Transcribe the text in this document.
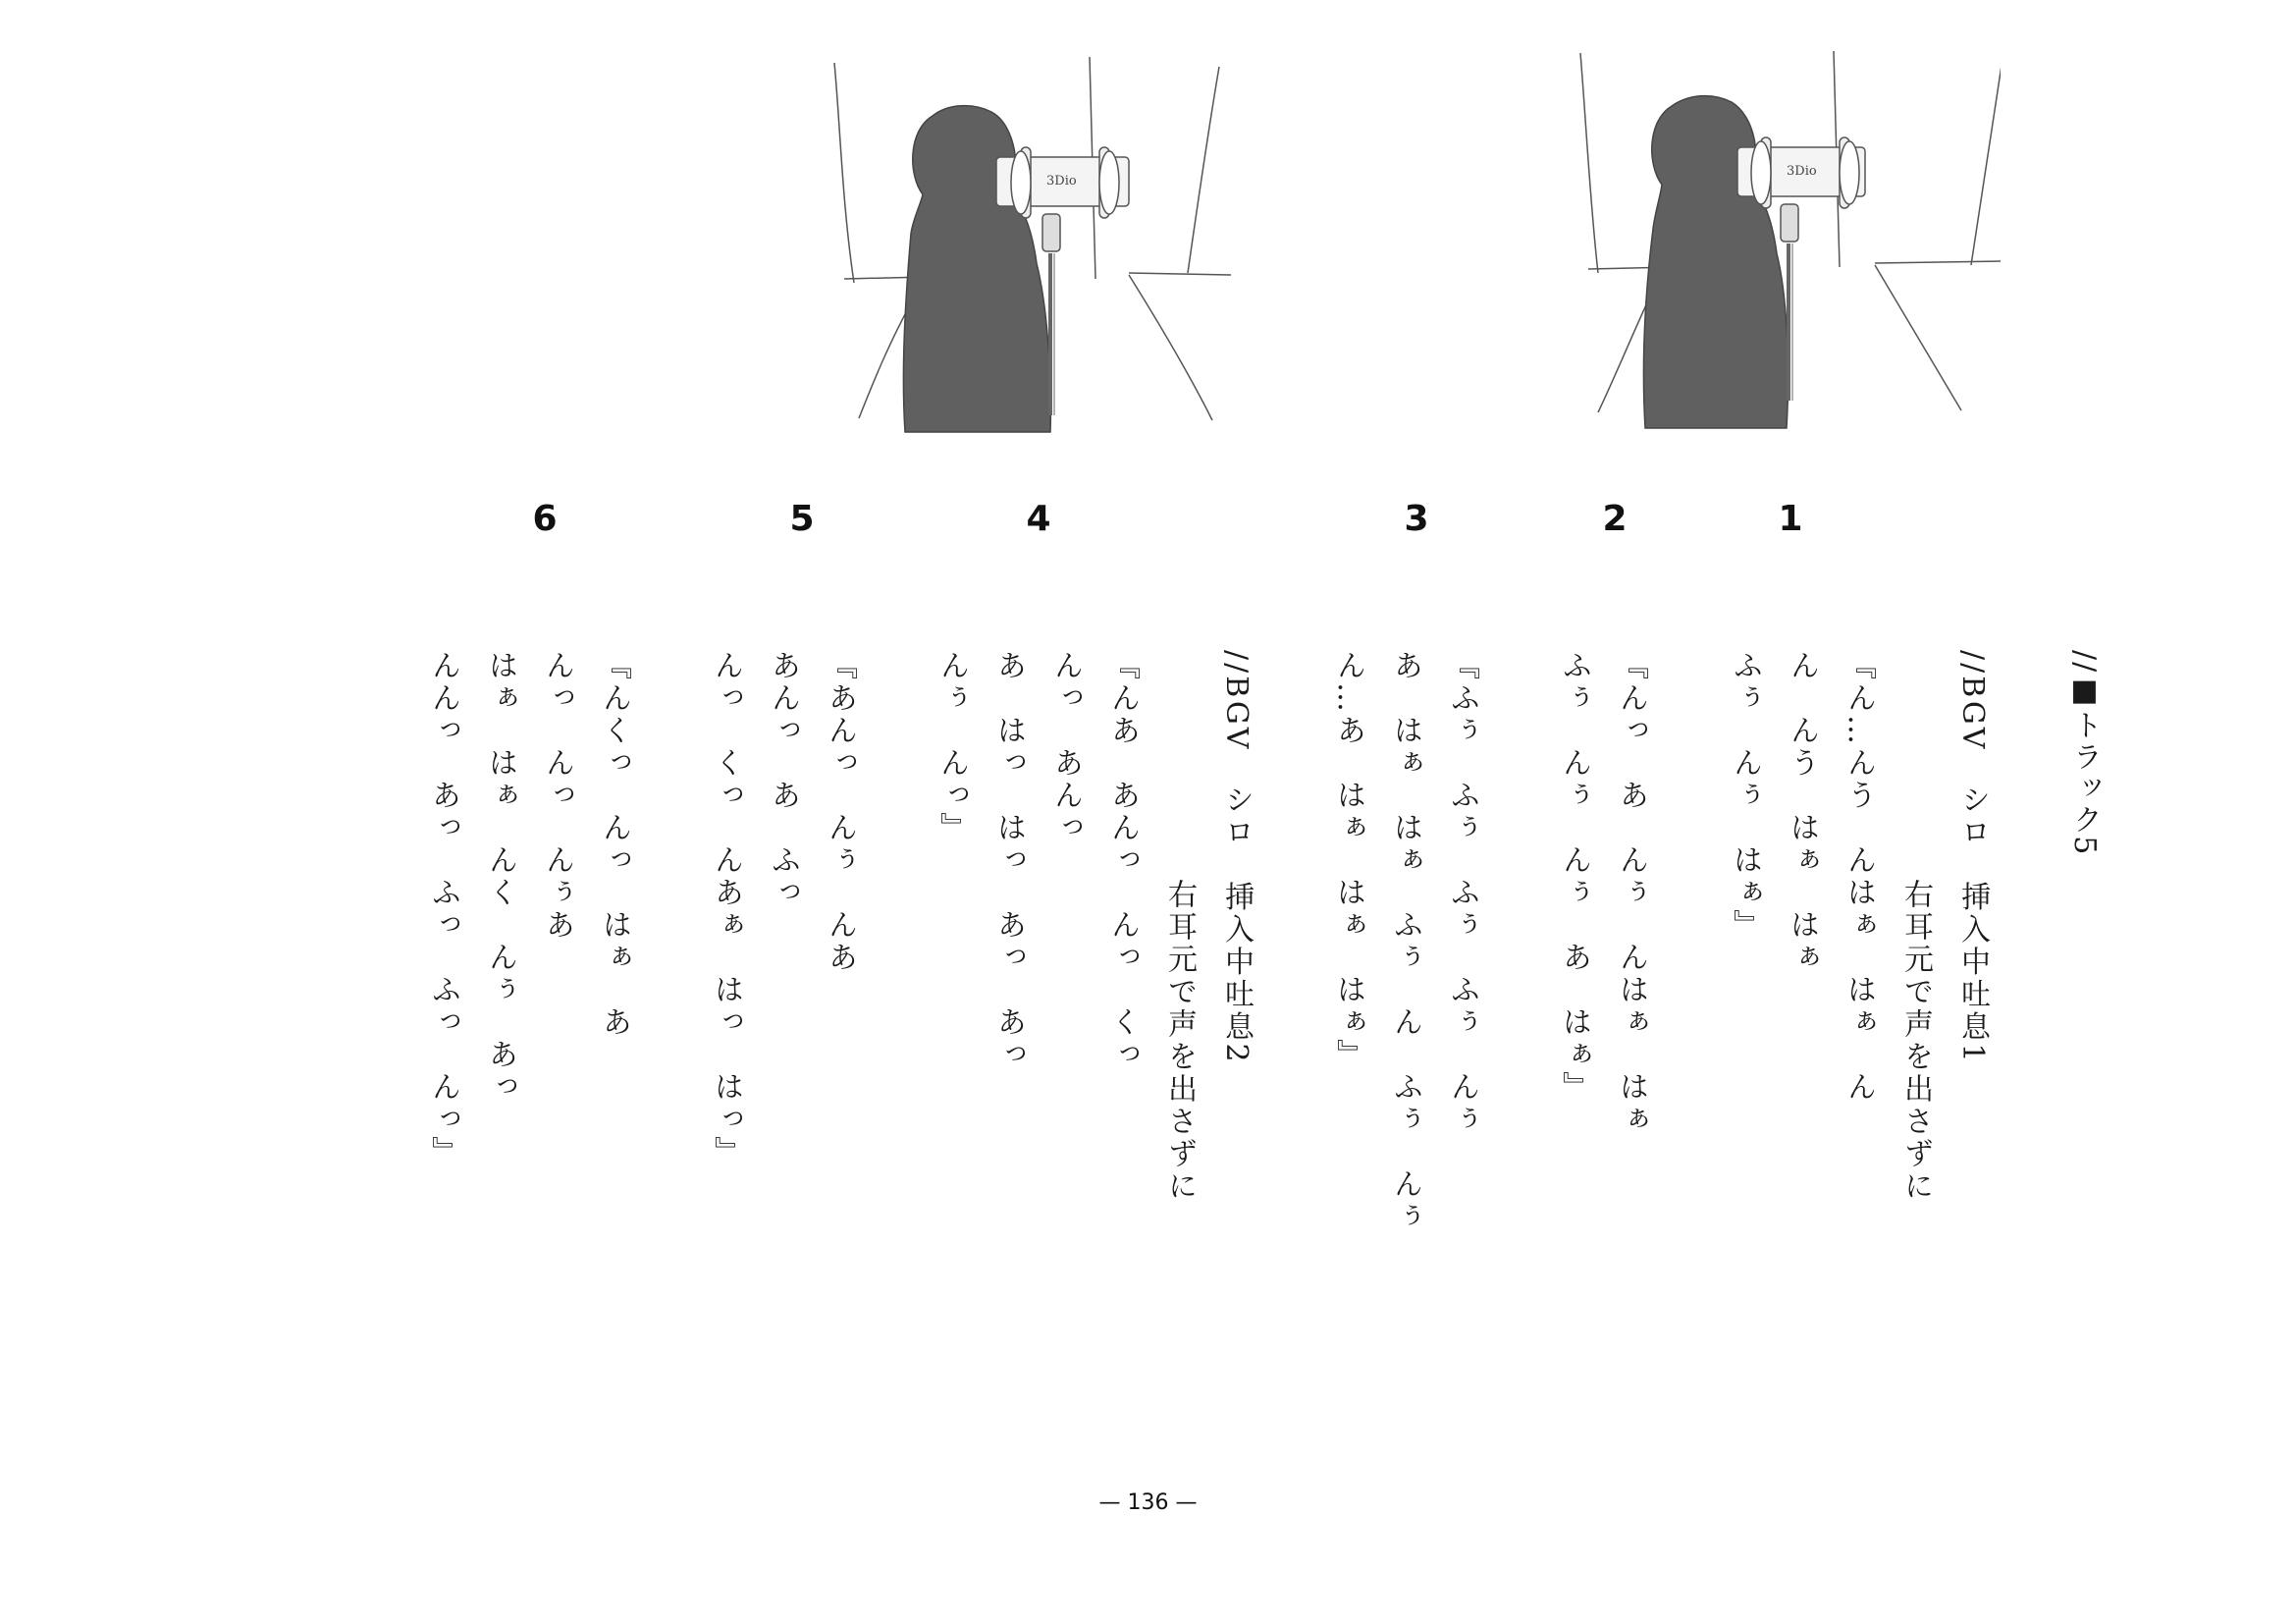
3Dio
3Dio
6	5	4	3	2	1
//■トラック5
//BGV　シロ　挿入中吐息1
右耳元で声を出さずに
『ん…んう　んはぁ　はぁ　ん
ん　んう　はぁ　はぁ
ふぅ　んぅ　はぁ』
『んっ　あ　んぅ　んはぁ　はぁ
ふぅ　んぅ　んぅ　あ　はぁ』
『ふぅ　ふぅ　ふぅ　ふぅ　んぅ
あ　はぁ　はぁ　ふぅ　ん　ふぅ　んぅ
ん…あ　はぁ　はぁ　はぁ』
//BGV　シロ　挿入中吐息2
右耳元で声を出さずに
『んあ　あんっ　んっ　くっ
んっ　あんっ
あ　はっ　はっ　あっ　あっ
んぅ　んっ』
『あんっ　んぅ　んあ
あんっ　あ　ふっ
んっ　くっ　んあぁ　はっ　はっ』
『んくっ　んっ　はぁ　あ
んっ　んっ　んぅあ
はぁ　はぁ　んく　んぅ　あっ
んんっ　あっ　ふっ　ふっ　んっ』
— 136 —
